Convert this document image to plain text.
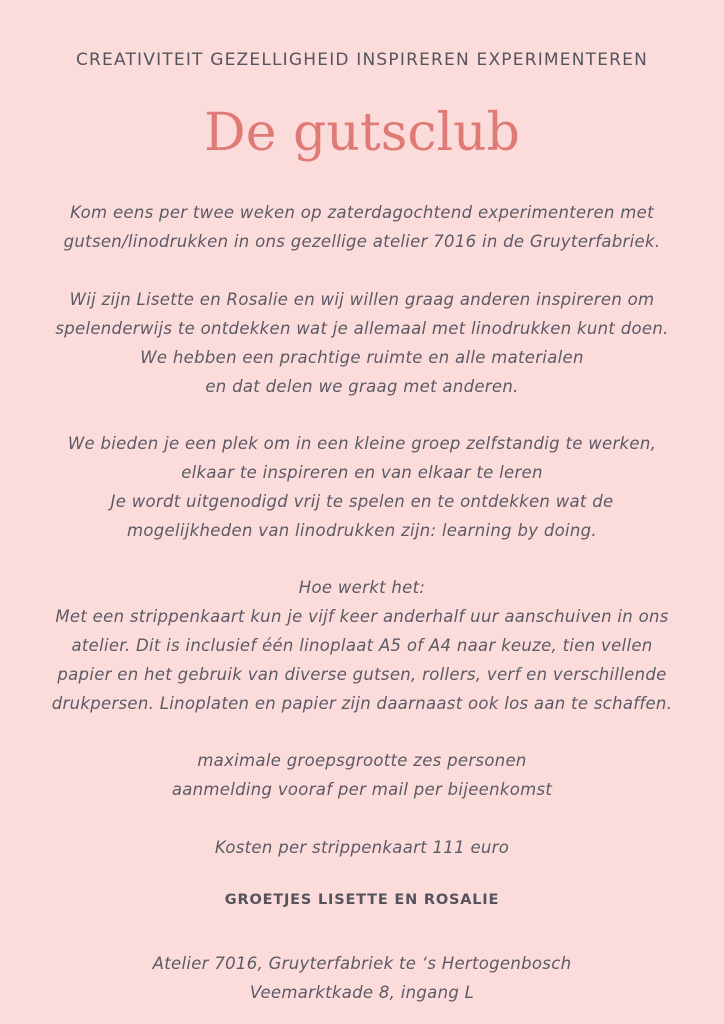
CREATIVITEIT GEZELLIGHEID INSPIREREN EXPERIMENTEREN
De gutsclub
Kom eens per twee weken op zaterdagochtend experimenteren met
gutsen/linodrukken in ons gezellige atelier 7016 in de Gruyterfabriek.
Wij zijn Lisette en Rosalie en wij willen graag anderen inspireren om
spelenderwijs te ontdekken wat je allemaal met linodrukken kunt doen.
We hebben een prachtige ruimte en alle materialen
en dat delen we graag met anderen.
We bieden je een plek om in een kleine groep zelfstandig te werken,
elkaar te inspireren en van elkaar te leren
Je wordt uitgenodigd vrij te spelen en te ontdekken wat de
mogelijkheden van linodrukken zijn: learning by doing.
Hoe werkt het:
Met een strippenkaart kun je vijf keer anderhalf uur aanschuiven in ons
atelier. Dit is inclusief één linoplaat A5 of A4 naar keuze, tien vellen
papier en het gebruik van diverse gutsen, rollers, verf en verschillende
drukpersen. Linoplaten en papier zijn daarnaast ook los aan te schaffen.
maximale groepsgrootte zes personen
aanmelding vooraf per mail per bijeenkomst
Kosten per strippenkaart 111 euro
GROETJES LISETTE EN ROSALIE
Atelier 7016, Gruyterfabriek te ‘s Hertogenbosch
Veemarktkade 8, ingang L
